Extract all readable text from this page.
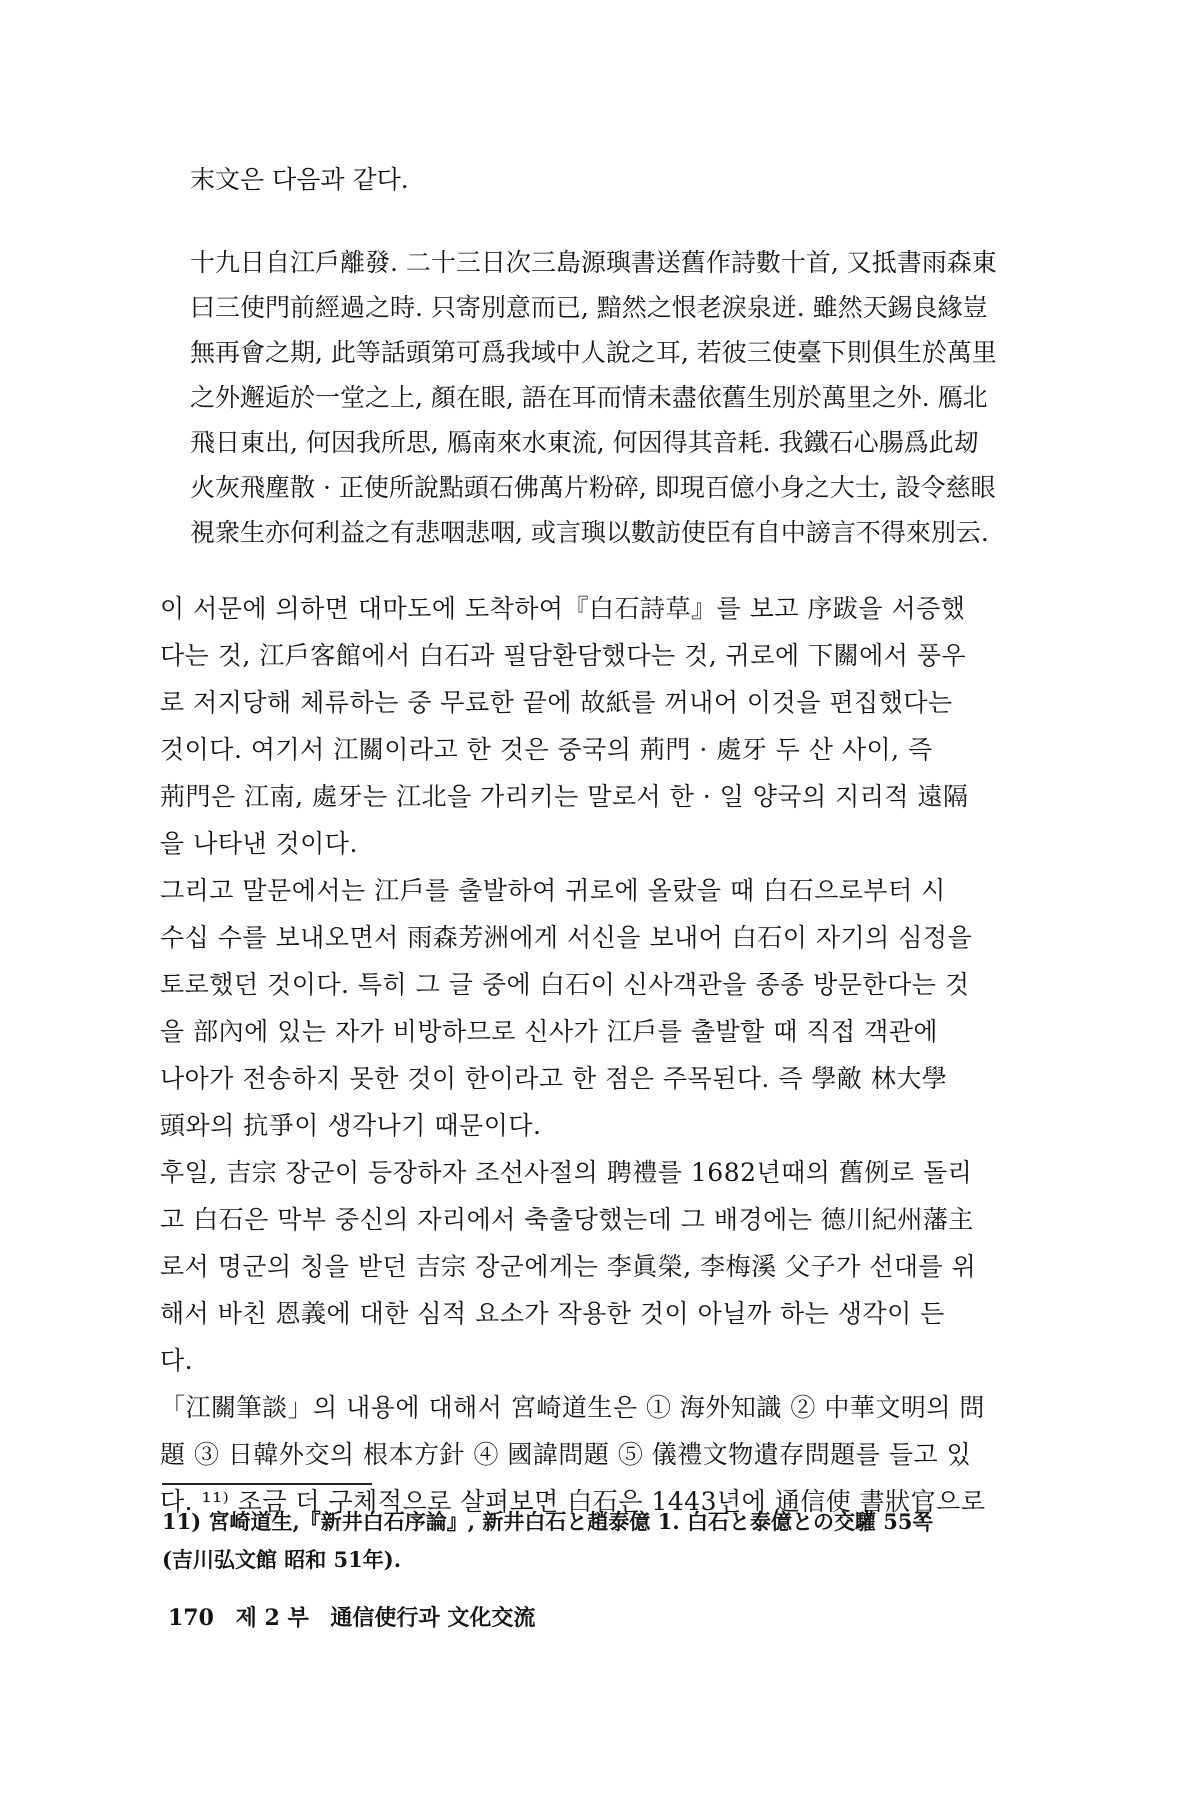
末文은 다음과 같다.
十九日自江戶離發. 二十三日次三島源璵書送舊作詩數十首, 又抵書雨森東
曰三使門前經過之時. 只寄別意而已, 黯然之恨老淚泉迸. 雖然天錫良緣豈
無再會之期, 此等話頭第可爲我域中人說之耳, 若彼三使臺下則俱生於萬里
之外邂逅於一堂之上, 顏在眼, 語在耳而情未盡依舊生別於萬里之外. 鴈北
飛日東出, 何因我所思, 鴈南來水東流, 何因得其音耗. 我鐵石心腸爲此刼
火灰飛塵散 · 正使所說點頭石佛萬片粉碎, 即現百億小身之大士, 設令慈眼
視衆生亦何利益之有悲咽悲咽, 或言璵以數訪使臣有自中謗言不得來別云.
이 서문에 의하면 대마도에 도착하여『白石詩草』를 보고 序跋을 서증했
다는 것, 江戶客館에서 白石과 필담환담했다는 것, 귀로에 下關에서 풍우
로 저지당해 체류하는 중 무료한 끝에 故紙를 꺼내어 이것을 편집했다는
것이다. 여기서 江關이라고 한 것은 중국의 荊門 · 處牙 두 산 사이, 즉
荊門은 江南, 處牙는 江北을 가리키는 말로서 한 · 일 양국의 지리적 遠隔
을 나타낸 것이다.
그리고 말문에서는 江戶를 출발하여 귀로에 올랐을 때 白石으로부터 시
수십 수를 보내오면서 雨森芳洲에게 서신을 보내어 白石이 자기의 심정을
토로했던 것이다. 특히 그 글 중에 白石이 신사객관을 종종 방문한다는 것
을 部內에 있는 자가 비방하므로 신사가 江戶를 출발할 때 직접 객관에
나아가 전송하지 못한 것이 한이라고 한 점은 주목된다. 즉 學敵 林大學
頭와의 抗爭이 생각나기 때문이다.
후일, 吉宗 장군이 등장하자 조선사절의 聘禮를 1682년때의 舊例로 돌리
고 白石은 막부 중신의 자리에서 축출당했는데 그 배경에는 德川紀州藩主
로서 명군의 칭을 받던 吉宗 장군에게는 李眞榮, 李梅溪 父子가 선대를 위
해서 바친 恩義에 대한 심적 요소가 작용한 것이 아닐까 하는 생각이 든
다.
「江關筆談」의 내용에 대해서 宮崎道生은 ① 海外知識 ② 中華文明의 問
題 ③ 日韓外交의 根本方針 ④ 國諱問題 ⑤ 儀禮文物遺存問題를 들고 있
다. ¹¹⁾ 조금 더 구체적으로 살펴보면 白石은 1443년에 通信使 書狀官으로
11) 宮崎道生,『新井白石序論』, 新井白石と趙泰億 1. 白石と泰億との交驩 55쪽
(吉川弘文館 昭和 51年).
170 제 2 부 通信使行과 文化交流
